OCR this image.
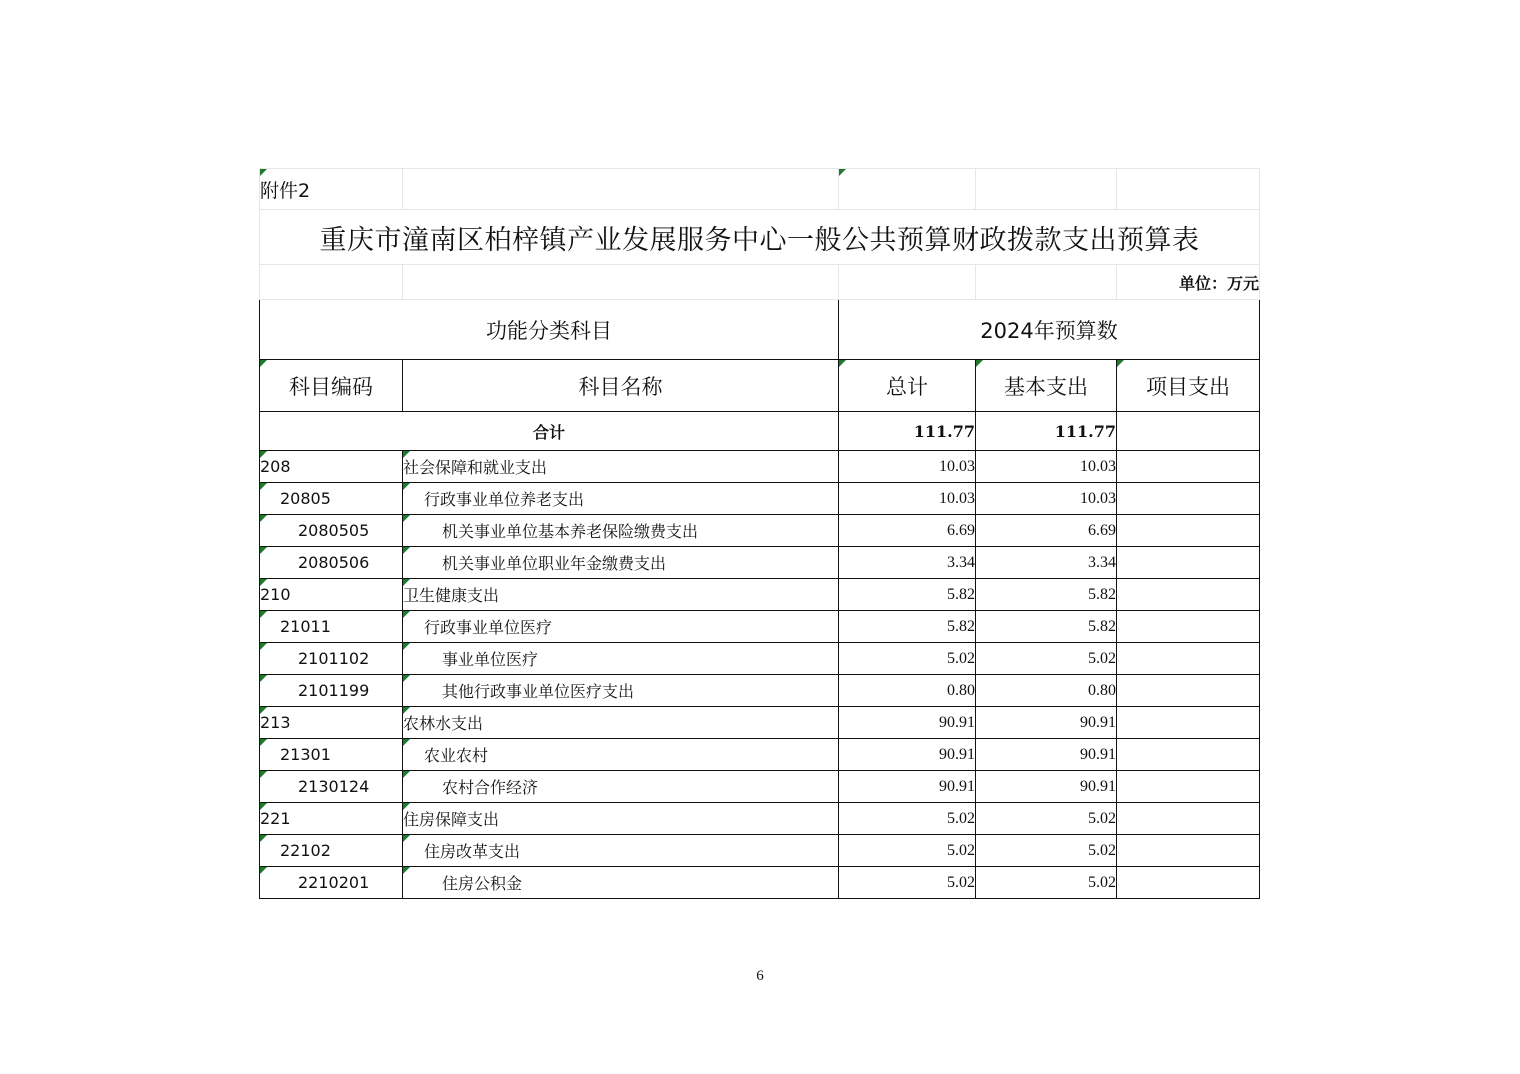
附件2				
重庆市潼南区柏梓镇产业发展服务中心一般公共预算财政拨款支出预算表				
				单位：万元
功能分类科目		2024年预算数		
科目编码	科目名称	总计	基本支出	项目支出
合计		111.77	111.77	
208	社会保障和就业支出	10.03	10.03	
20805	行政事业单位养老支出	10.03	10.03	
2080505	机关事业单位基本养老保险缴费支出	6.69	6.69	
2080506	机关事业单位职业年金缴费支出	3.34	3.34	
210	卫生健康支出	5.82	5.82	
21011	行政事业单位医疗	5.82	5.82	
2101102	事业单位医疗	5.02	5.02	
2101199	其他行政事业单位医疗支出	0.80	0.80	
213	农林水支出	90.91	90.91	
21301	农业农村	90.91	90.91	
2130124	农村合作经济	90.91	90.91	
221	住房保障支出	5.02	5.02	
22102	住房改革支出	5.02	5.02	
2210201	住房公积金	5.02	5.02	
6
